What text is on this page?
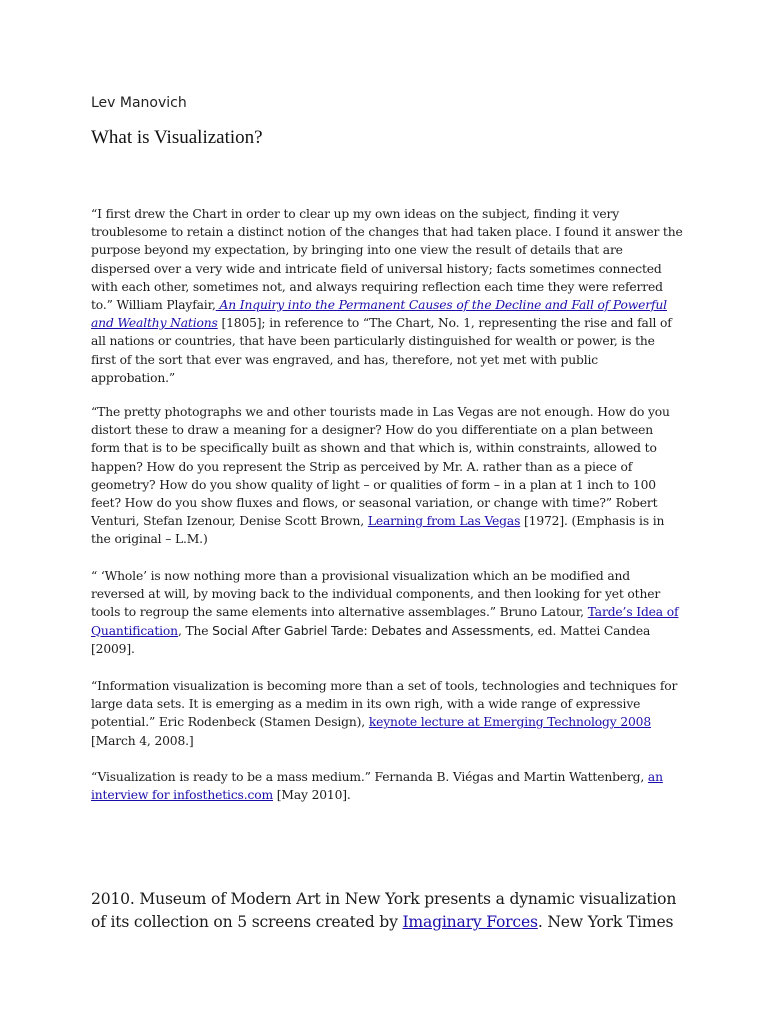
Lev Manovich
What is Visualization?

“I first drew the Chart in order to clear up my own ideas on the subject, finding it very troublesome to retain a distinct notion of the changes that had taken place. I found it answer the purpose beyond my expectation, by bringing into one view the result of details that are dispersed over a very wide and intricate field of universal history; facts sometimes connected with each other, sometimes not, and always requiring reflection each time they were referred to.” William Playfair, An Inquiry into the Permanent Causes of the Decline and Fall of Powerful and Wealthy Nations [1805]; in reference to “The Chart, No. 1, representing the rise and fall of all nations or countries, that have been particularly distinguished for wealth or power, is the first of the sort that ever was engraved, and has, therefore, not yet met with public approbation.”

“The pretty photographs we and other tourists made in Las Vegas are not enough. How do you distort these to draw a meaning for a designer? How do you differentiate on a plan between form that is to be specifically built as shown and that which is, within constraints, allowed to happen? How do you represent the Strip as perceived by Mr. A. rather than as a piece of geometry? How do you show quality of light – or qualities of form – in a plan at 1 inch to 100 feet? How do you show fluxes and flows, or seasonal variation, or change with time?” Robert Venturi, Stefan Izenour, Denise Scott Brown, Learning from Las Vegas [1972]. (Emphasis is in the original – L.M.)

“ ‘Whole’ is now nothing more than a provisional visualization which an be modified and reversed at will, by moving back to the individual components, and then looking for yet other tools to regroup the same elements into alternative assemblages.” Bruno Latour, Tarde’s Idea of Quantification, The Social After Gabriel Tarde: Debates and Assessments, ed. Mattei Candea [2009].

“Information visualization is becoming more than a set of tools, technologies and techniques for large data sets. It is emerging as a medim in its own righ, with a wide range of expressive potential.” Eric Rodenbeck (Stamen Design), keynote lecture at Emerging Technology 2008 [March 4, 2008.]

“Visualization is ready to be a mass medium.” Fernanda B. Viégas and Martin Wattenberg, an interview for infosthetics.com [May 2010].

2010. Museum of Modern Art in New York presents a dynamic visualization of its collection on 5 screens created by Imaginary Forces. New York Times
